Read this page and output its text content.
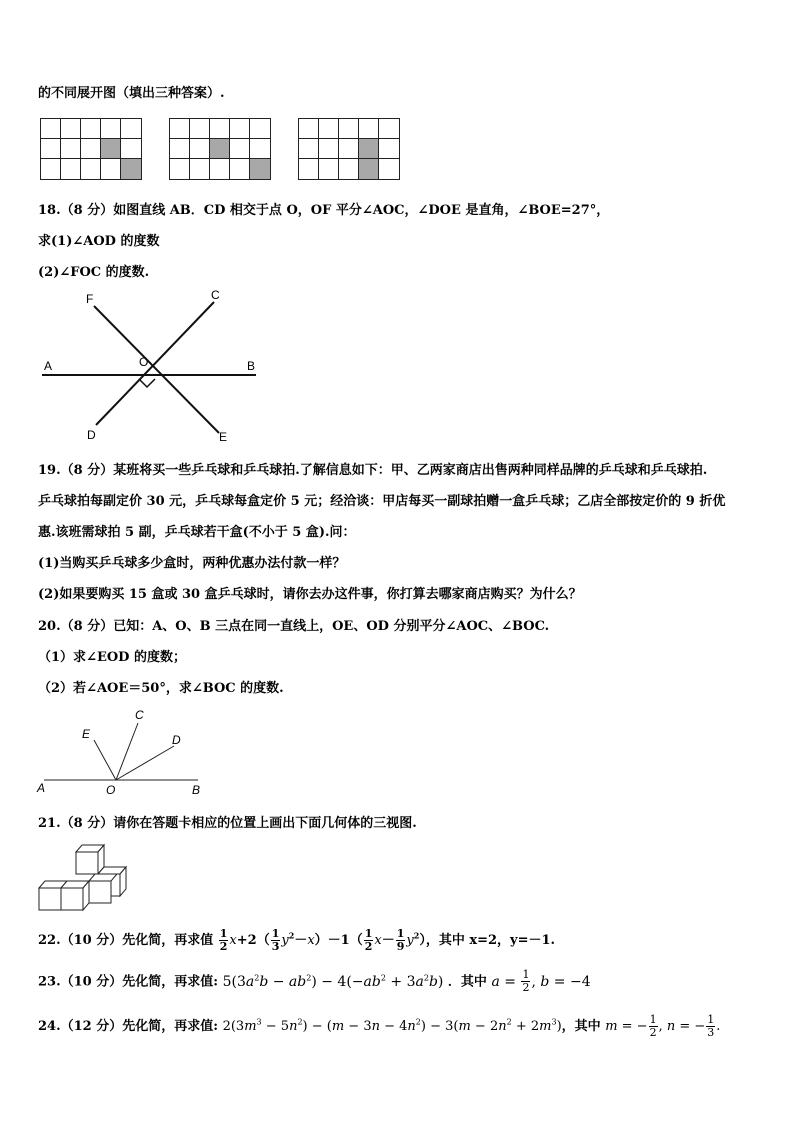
的不同展开图（填出三种答案）.
18.（8 分）如图直线 AB．CD 相交于点 O，OF 平分∠AOC，∠DOE 是直角，∠BOE=27°，
求(1)∠AOD 的度数
(2)∠FOC 的度数.
F	C
A	O	B
D	E
19.（8 分）某班将买一些乒乓球和乒乓球拍.了解信息如下：甲、乙两家商店出售两种同样品牌的乒乓球和乒乓球拍.
乒乓球拍每副定价 30 元，乒乓球每盒定价 5 元；经洽谈：甲店每买一副球拍赠一盒乒乓球；乙店全部按定价的 9 折优
惠.该班需球拍 5 副，乒乓球若干盒(不小于 5 盒).问：
(1)当购买乒乓球多少盒时，两种优惠办法付款一样？
(2)如果要购买 15 盒或 30 盒乒乓球时，请你去办这件事，你打算去哪家商店购买？为什么？
20.（8 分）已知：A、O、B 三点在同一直线上，OE、OD 分别平分∠AOC、∠BOC.
（1）求∠EOD 的度数；
（2）若∠AOE＝50°，求∠BOC 的度数.
C
E	D
A	O	B
21.（8 分）请你在答题卡相应的位置上画出下面几何体的三视图.
22.（10 分）先化简，再求值 $\frac{1}{2} x+2( \frac{1}{3} y^2-x)-1( \frac{1}{2} x- \frac{1}{9} y^2)$，其中 x=2，y=－1.
23.（10 分）先化简，再求值: $5(3a^2b - ab^2) - 4(-ab^2 + 3a^2b)$ ．其中 $a = \frac{1}{2}$ , b = −4
24.（12 分）先化简，再求值: $2(3m^3 - 5n^2) - (m - 3n - 4n^2) - 3(m - 2n^2 + 2m^3)$，其中 m = − $\frac{1}{2}$ , n = − $\frac{1}{3}$ .
